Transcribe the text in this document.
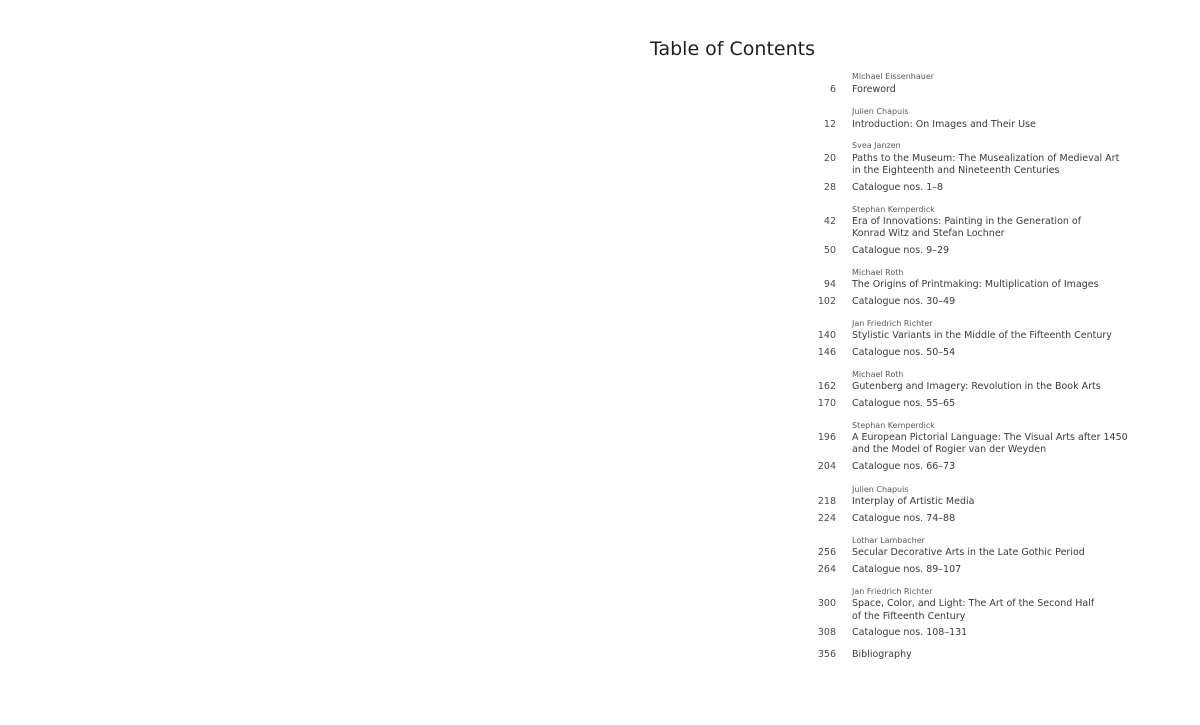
Table of Contents
Michael Eissenhauer
6 Foreword
Julien Chapuis
12 Introduction: On Images and Their Use
Svea Janzen
20 Paths to the Museum: The Musealization of Medieval Art
in the Eighteenth and Nineteenth Centuries
28 Catalogue nos. 1–8
Stephan Kemperdick
42 Era of Innovations: Painting in the Generation of
Konrad Witz and Stefan Lochner
50 Catalogue nos. 9–29
Michael Roth
94 The Origins of Printmaking: Multiplication of Images
102 Catalogue nos. 30–49
Jan Friedrich Richter
140 Stylistic Variants in the Middle of the Fifteenth Century
146 Catalogue nos. 50–54
Michael Roth
162 Gutenberg and Imagery: Revolution in the Book Arts
170 Catalogue nos. 55–65
Stephan Kemperdick
196 A European Pictorial Language: The Visual Arts after 1450
and the Model of Rogier van der Weyden
204 Catalogue nos. 66–73
Julien Chapuis
218 Interplay of Artistic Media
224 Catalogue nos. 74–88
Lothar Lambacher
256 Secular Decorative Arts in the Late Gothic Period
264 Catalogue nos. 89–107
Jan Friedrich Richter
300 Space, Color, and Light: The Art of the Second Half
of the Fifteenth Century
308 Catalogue nos. 108–131
356 Bibliography
